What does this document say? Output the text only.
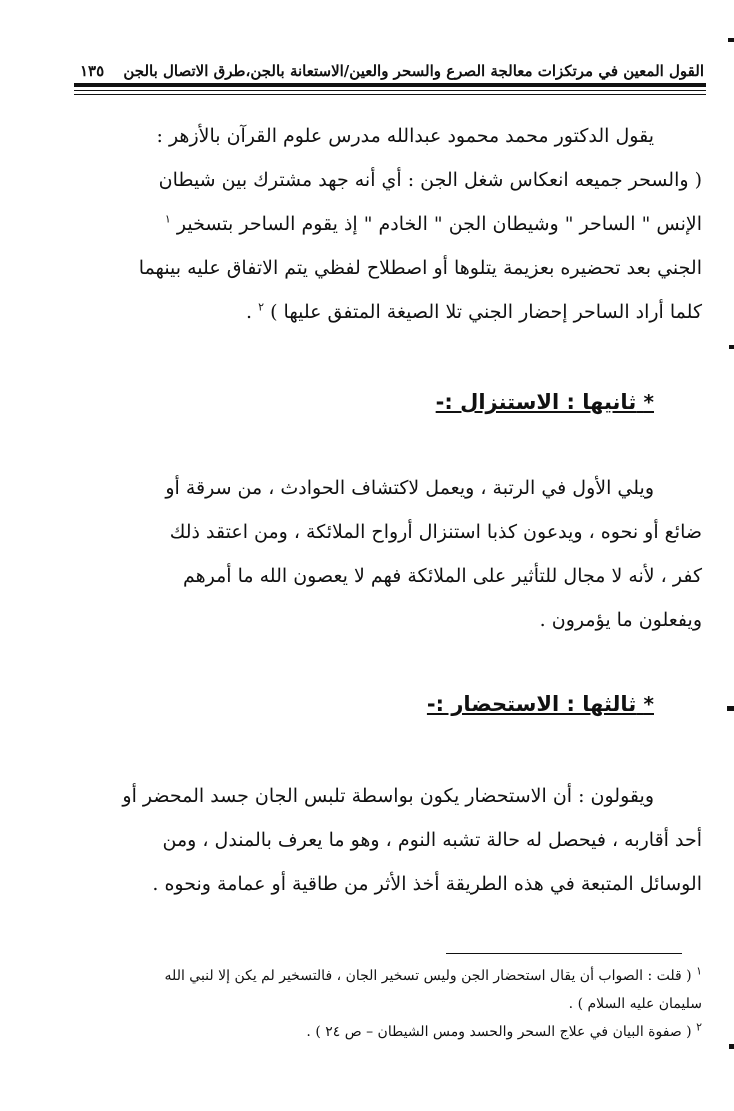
القول المعين في مرتكزات معالجة الصرع والسحر والعين/الاستعانة بالجن،طرق الاتصال بالجن
١٣٥
يقول الدكتور محمد محمود عبدالله مدرس علوم القرآن بالأزهر :
( والسحر جميعه انعكاس شغل الجن : أي أنه جهد مشترك بين شيطان
الإنس " الساحر " وشيطان الجن " الخادم " إذ يقوم الساحر بتسخير $^١$
الجني بعد تحضيره بعزيمة يتلوها أو اصطلاح لفظي يتم الاتفاق عليه بينهما
كلما أراد الساحر إحضار الجني تلا الصيغة المتفق عليها ) $^٢$ .
* ثانيها : الاستنزال :-
ويلي الأول في الرتبة ، ويعمل لاكتشاف الحوادث ، من سرقة أو
ضائع أو نحوه ، ويدعون كذبا استنزال أرواح الملائكة ، ومن اعتقد ذلك
كفر ، لأنه لا مجال للتأثير على الملائكة فهم لا يعصون الله ما أمرهم
ويفعلون ما يؤمرون .
* ثالثها : الاستحضار :-
ويقولون : أن الاستحضار يكون بواسطة تلبس الجان جسد المحضر أو
أحد أقاربه ، فيحصل له حالة تشبه النوم ، وهو ما يعرف بالمندل ، ومن
الوسائل المتبعة في هذه الطريقة أخذ الأثر من طاقية أو عمامة ونحوه .
$^١$ ( قلت : الصواب أن يقال استحضار الجن وليس تسخير الجان ، فالتسخير لم يكن إلا لنبي الله
سليمان عليه السلام ) .
$^٢$ ( صفوة البيان في علاج السحر والحسد ومس الشيطان – ص ٢٤ ) .
